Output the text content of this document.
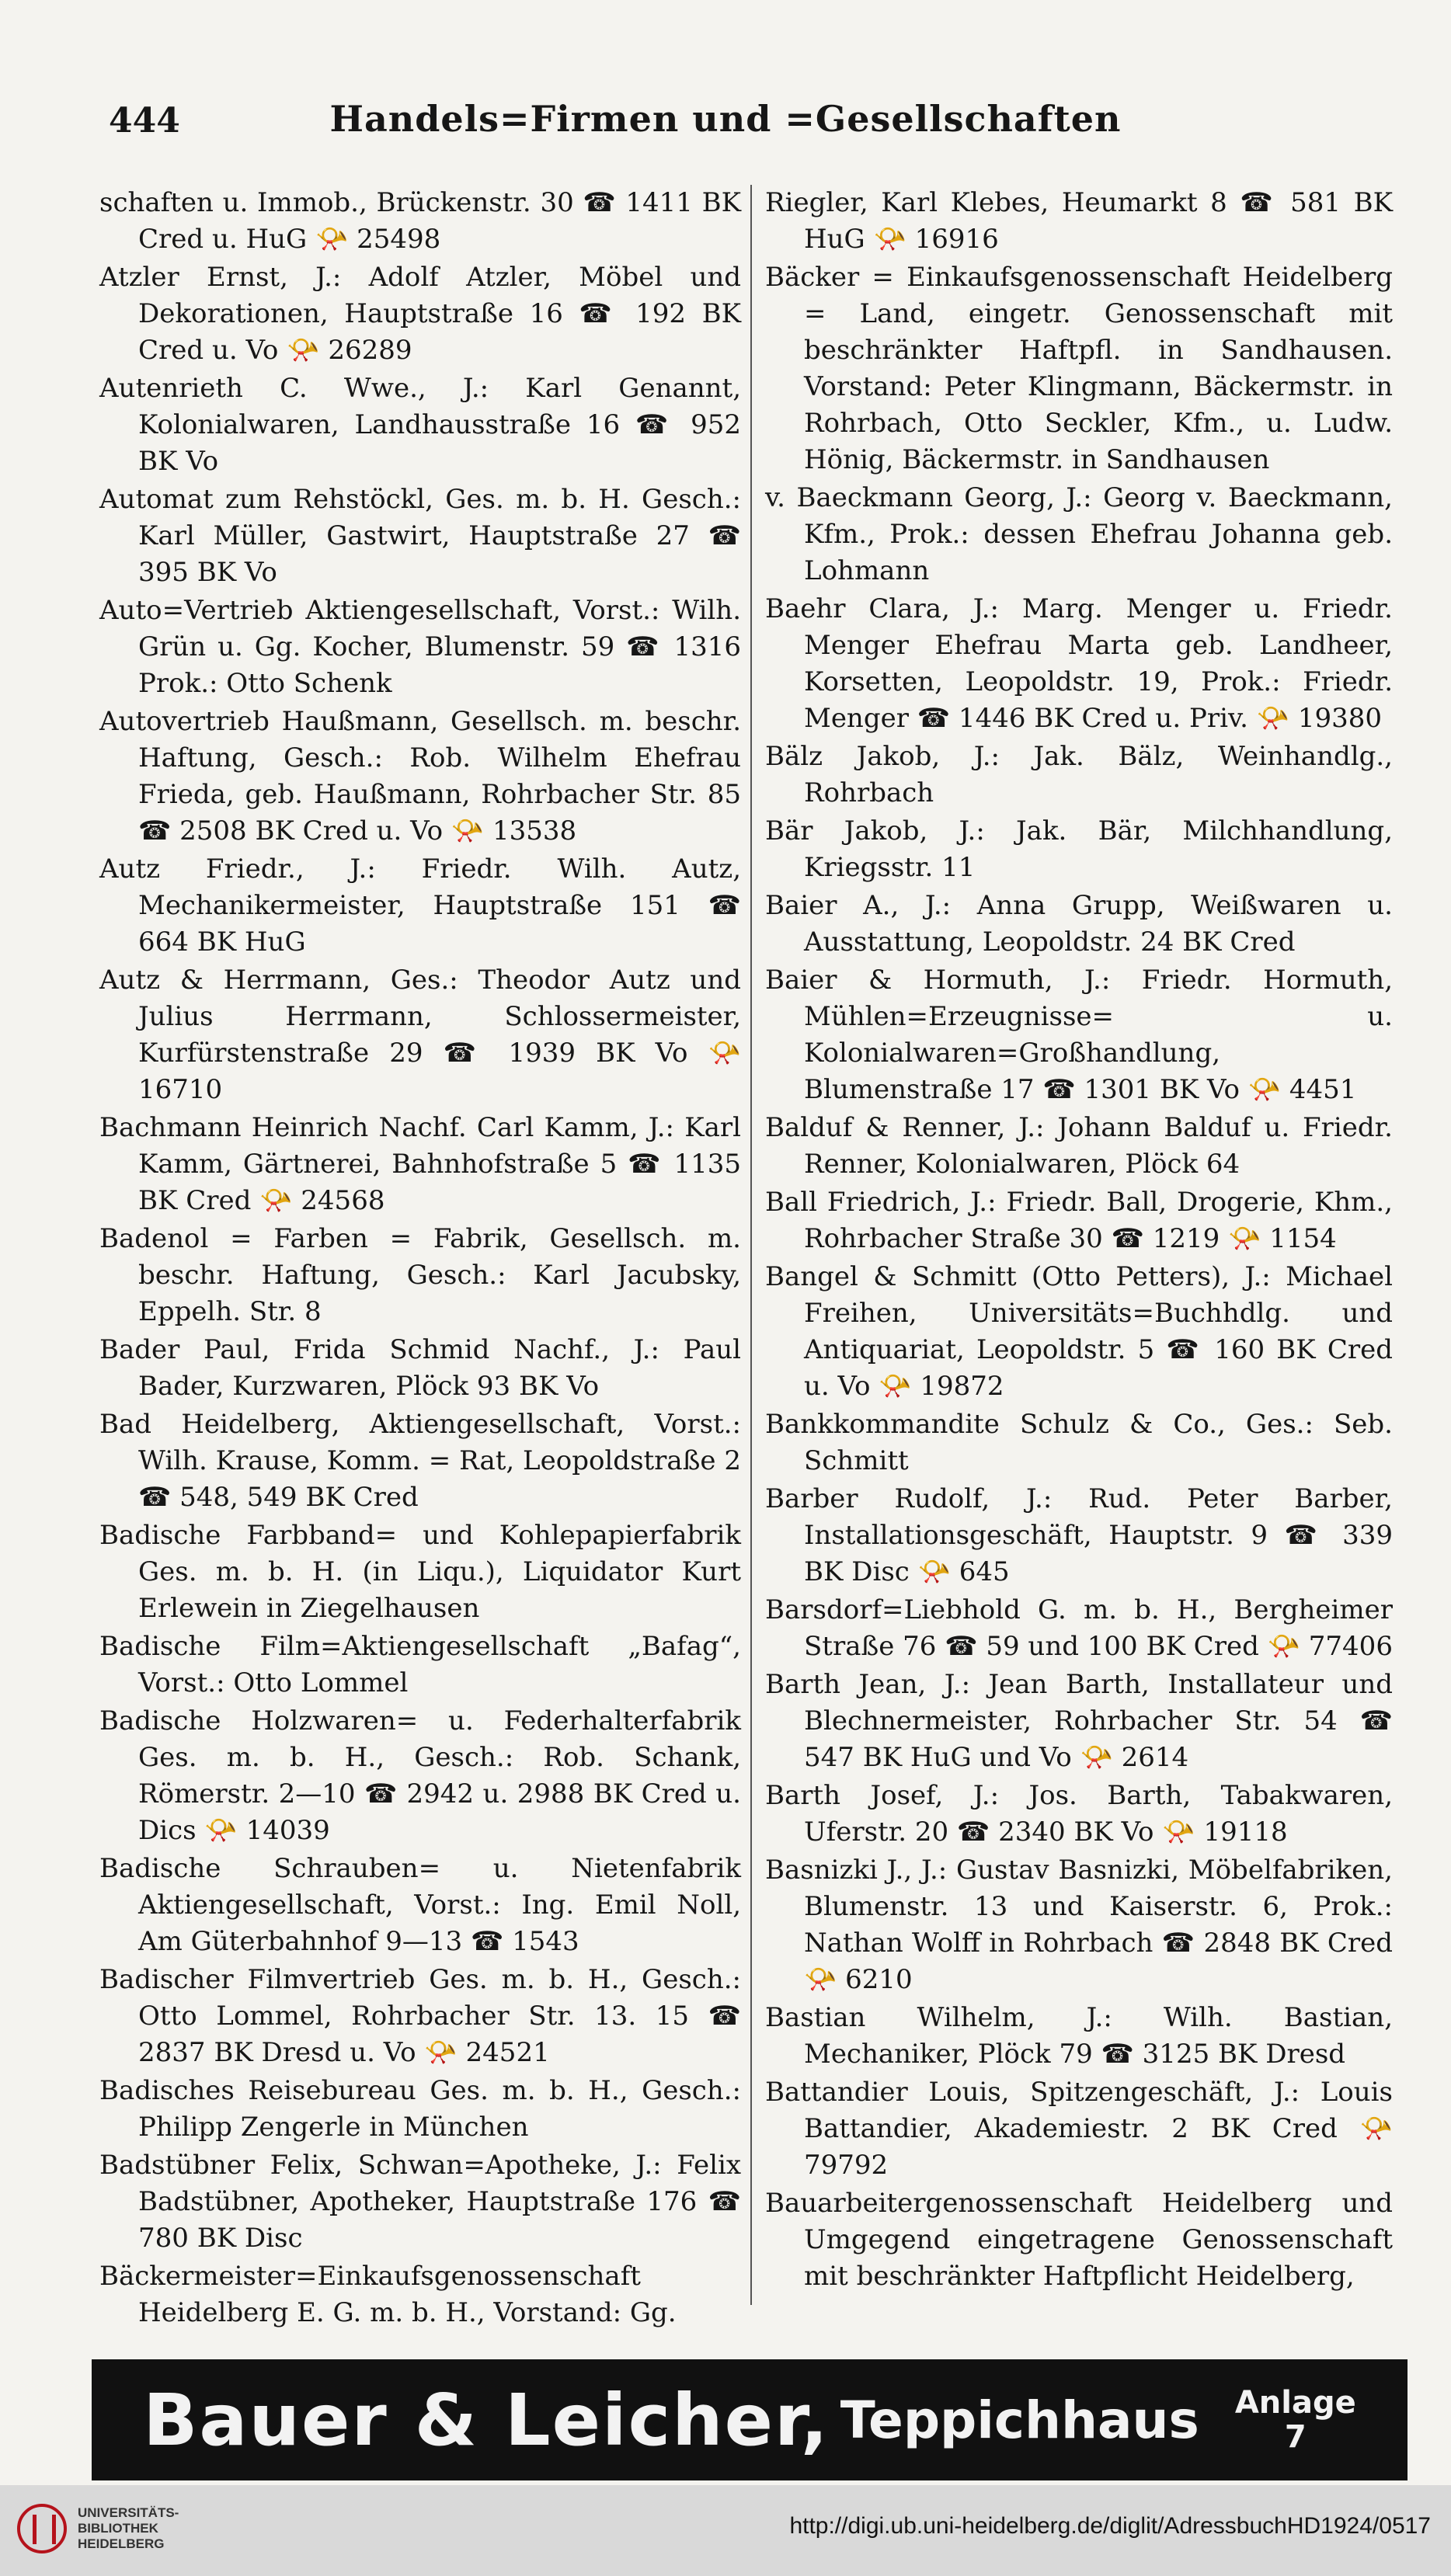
444	Handels=Firmen und =Gesellschaften

schaften u. Immob., Brückenstr. 30 ☎ 1411 BK Cred u. HuG 📯 25498

Atzler Ernst, J.: Adolf Atzler, Möbel und Dekorationen, Hauptstraße 16 ☎ 192 BK Cred u. Vo 📯 26289

Autenrieth C. Wwe., J.: Karl Genannt, Kolonialwaren, Landhausstraße 16 ☎ 952 BK Vo

Automat zum Rehstöckl, Ges. m. b. H. Gesch.: Karl Müller, Gastwirt, Hauptstraße 27 ☎ 395 BK Vo

Auto=Vertrieb Aktiengesellschaft, Vorst.: Wilh. Grün u. Gg. Kocher, Blumenstr. 59 ☎ 1316 Prok.: Otto Schenk

Autovertrieb Haußmann, Gesellsch. m. beschr. Haftung, Gesch.: Rob. Wilhelm Ehefrau Frieda, geb. Haußmann, Rohrbacher Str. 85 ☎ 2508 BK Cred u. Vo 📯 13538

Autz Friedr., J.: Friedr. Wilh. Autz, Mechanikermeister, Hauptstraße 151 ☎ 664 BK HuG

Autz & Herrmann, Ges.: Theodor Autz und Julius Herrmann, Schlossermeister, Kurfürstenstraße 29 ☎ 1939 BK Vo 📯 16710

Bachmann Heinrich Nachf. Carl Kamm, J.: Karl Kamm, Gärtnerei, Bahnhofstraße 5 ☎ 1135 BK Cred 📯 24568

Badenol = Farben = Fabrik, Gesellsch. m. beschr. Haftung, Gesch.: Karl Jacubsky, Eppelh. Str. 8

Bader Paul, Frida Schmid Nachf., J.: Paul Bader, Kurzwaren, Plöck 93 BK Vo

Bad Heidelberg, Aktiengesellschaft, Vorst.: Wilh. Krause, Komm. = Rat, Leopoldstraße 2 ☎ 548, 549 BK Cred

Badische Farbband= und Kohlepapierfabrik Ges. m. b. H. (in Liqu.), Liquidator Kurt Erlewein in Ziegelhausen

Badische Film=Aktiengesellschaft „Bafag“, Vorst.: Otto Lommel

Badische Holzwaren= u. Federhalterfabrik Ges. m. b. H., Gesch.: Rob. Schank, Römerstr. 2—10 ☎ 2942 u. 2988 BK Cred u. Dics 📯 14039

Badische Schrauben= u. Nietenfabrik Aktiengesellschaft, Vorst.: Ing. Emil Noll, Am Güterbahnhof 9—13 ☎ 1543

Badischer Filmvertrieb Ges. m. b. H., Gesch.: Otto Lommel, Rohrbacher Str. 13. 15 ☎ 2837 BK Dresd u. Vo 📯 24521

Badisches Reisebureau Ges. m. b. H., Gesch.: Philipp Zengerle in München

Badstübner Felix, Schwan=Apotheke, J.: Felix Badstübner, Apotheker, Hauptstraße 176 ☎ 780 BK Disc

Bäckermeister=Einkaufsgenossenschaft Heidelberg E. G. m. b. H., Vorstand: Gg.

Riegler, Karl Klebes, Heumarkt 8 ☎ 581 BK HuG 📯 16916

Bäcker = Einkaufsgenossenschaft Heidelberg = Land, eingetr. Genossenschaft mit beschränkter Haftpfl. in Sandhausen. Vorstand: Peter Klingmann, Bäckermstr. in Rohrbach, Otto Seckler, Kfm., u. Ludw. Hönig, Bäckermstr. in Sandhausen

v. Baeckmann Georg, J.: Georg v. Baeckmann, Kfm., Prok.: dessen Ehefrau Johanna geb. Lohmann

Baehr Clara, J.: Marg. Menger u. Friedr. Menger Ehefrau Marta geb. Landheer, Korsetten, Leopoldstr. 19, Prok.: Friedr. Menger ☎ 1446 BK Cred u. Priv. 📯 19380

Bälz Jakob, J.: Jak. Bälz, Weinhandlg., Rohrbach

Bär Jakob, J.: Jak. Bär, Milchhandlung, Kriegsstr. 11

Baier A., J.: Anna Grupp, Weißwaren u. Ausstattung, Leopoldstr. 24 BK Cred

Baier & Hormuth, J.: Friedr. Hormuth, Mühlen=Erzeugnisse= u. Kolonialwaren=Großhandlung, Blumenstraße 17 ☎ 1301 BK Vo 📯 4451

Balduf & Renner, J.: Johann Balduf u. Friedr. Renner, Kolonialwaren, Plöck 64

Ball Friedrich, J.: Friedr. Ball, Drogerie, Khm., Rohrbacher Straße 30 ☎ 1219 📯 1154

Bangel & Schmitt (Otto Petters), J.: Michael Freihen, Universitäts=Buchhdlg. und Antiquariat, Leopoldstr. 5 ☎ 160 BK Cred u. Vo 📯 19872

Bankkommandite Schulz & Co., Ges.: Seb. Schmitt

Barber Rudolf, J.: Rud. Peter Barber, Installationsgeschäft, Hauptstr. 9 ☎ 339 BK Disc 📯 645

Barsdorf=Liebhold G. m. b. H., Bergheimer Straße 76 ☎ 59 und 100 BK Cred 📯 77406

Barth Jean, J.: Jean Barth, Installateur und Blechnermeister, Rohrbacher Str. 54 ☎ 547 BK HuG und Vo 📯 2614

Barth Josef, J.: Jos. Barth, Tabakwaren, Uferstr. 20 ☎ 2340 BK Vo 📯 19118

Basnizki J., J.: Gustav Basnizki, Möbelfabriken, Blumenstr. 13 und Kaiserstr. 6, Prok.: Nathan Wolff in Rohrbach ☎ 2848 BK Cred 📯 6210

Bastian Wilhelm, J.: Wilh. Bastian, Mechaniker, Plöck 79 ☎ 3125 BK Dresd

Battandier Louis, Spitzengeschäft, J.: Louis Battandier, Akademiestr. 2 BK Cred 📯 79792

Bauarbeitergenossenschaft Heidelberg und Umgegend eingetragene Genossenschaft mit beschränkter Haftpflicht Heidelberg,

Bauer & Leicher, Teppichhaus Anlage
7
UNIVERSITÄTS-
BIBLIOTHEK
HEIDELBERG
http://digi.ub.uni-heidelberg.de/diglit/AdressbuchHD1924/0517
